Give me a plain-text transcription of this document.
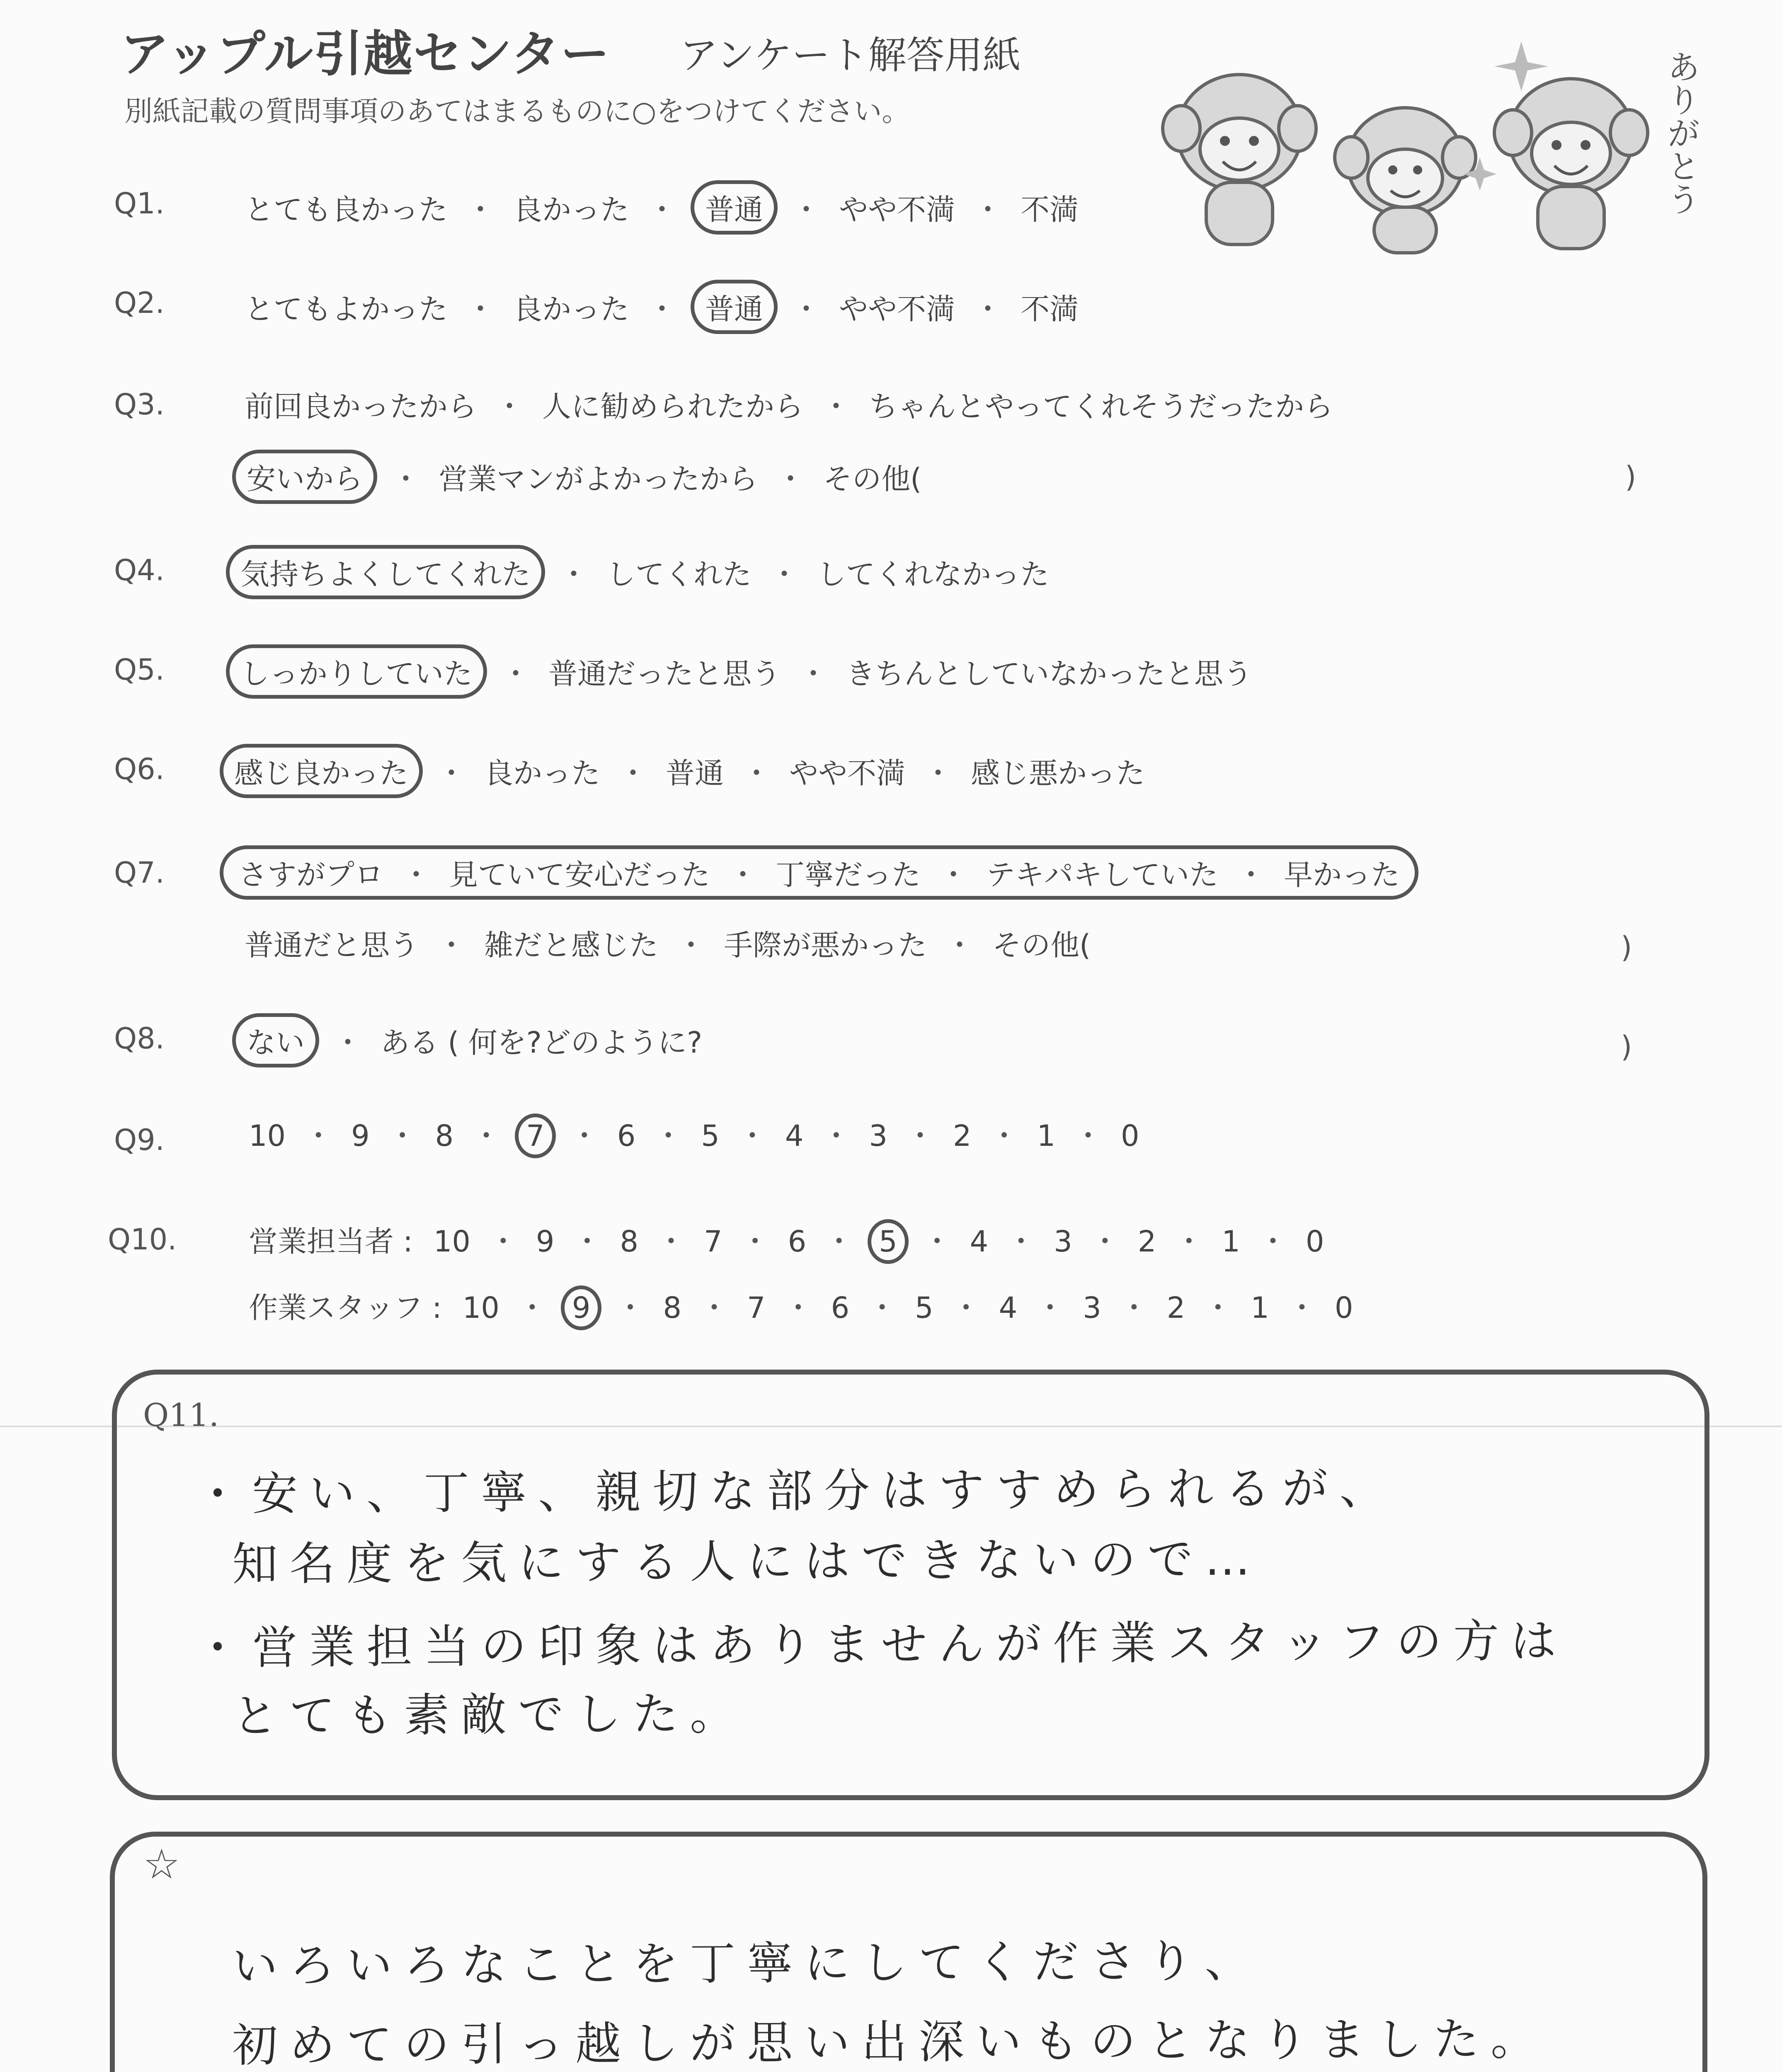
アップル引越センター アンケート解答用紙
別紙記載の質問事項のあてはまるものに○をつけてください。	ありがとう
Q1.	とても良かった ・ 良かった ・ 普通 ・ やや不満 ・ 不満
Q2.	とてもよかった ・ 良かった ・ 普通 ・ やや不満 ・ 不満
Q3.	前回良かったから ・ 人に勧められたから ・ ちゃんとやってくれそうだったから
安いから ・ 営業マンがよかったから ・ その他(	)
Q4.	気持ちよくしてくれた ・ してくれた ・ してくれなかった
Q5.	しっかりしていた ・ 普通だったと思う ・ きちんとしていなかったと思う
Q6.	感じ良かった ・ 良かった ・ 普通 ・ やや不満 ・ 感じ悪かった
Q7.	さすがプロ ・ 見ていて安心だった ・ 丁寧だった ・ テキパキしていた ・ 早かった
普通だと思う ・ 雑だと感じた ・ 手際が悪かった ・ その他(	)
Q8.	ない ・ ある ( 何を?どのように?	)
Q9.	10 ・ 9 ・ 8 ・ 7 ・ 6 ・ 5 ・ 4 ・ 3 ・ 2 ・ 1 ・ 0
Q10. 営業担当者 : 10 ・ 9 ・ 8 ・ 7 ・ 6 ・ 5 ・ 4 ・ 3 ・ 2 ・ 1 ・ 0
作業スタッフ : 10 ・ 9 ・ 8 ・ 7 ・ 6 ・ 5 ・ 4 ・ 3 ・ 2 ・ 1 ・ 0
Q11.
・安い、丁寧、親切な部分はすすめられるが、
知名度を気にする人にはできないので…
・営業担当の印象はありませんが作業スタッフの方は
とても素敵でした。
☆
いろいろなことを丁寧にしてくださり、
初めての引っ越しが思い出深いものとなりました。
